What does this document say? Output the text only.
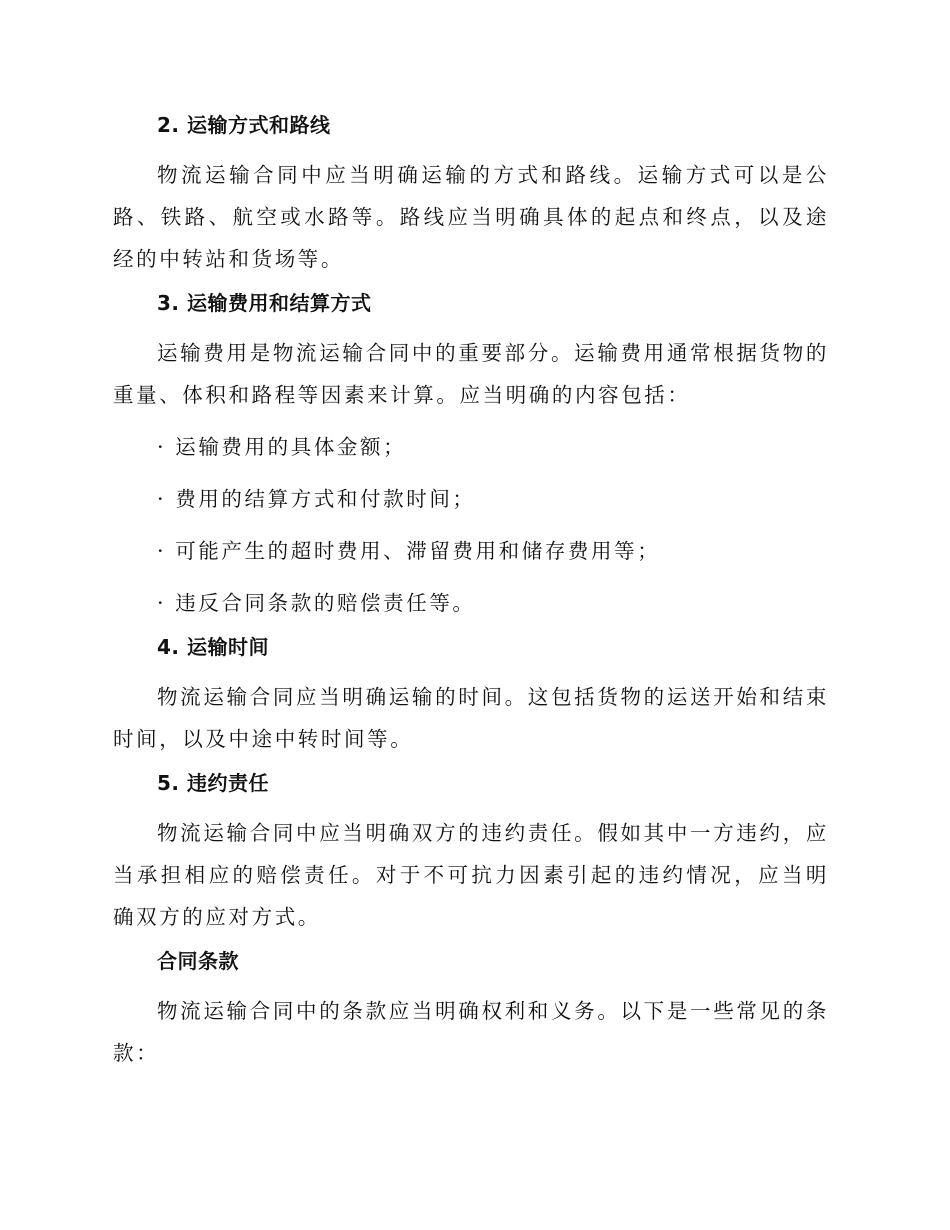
2. 运输方式和路线

物流运输合同中应当明确运输的方式和路线。运输方式可以是公路、铁路、航空或水路等。路线应当明确具体的起点和终点，以及途经的中转站和货场等。

3. 运输费用和结算方式

运输费用是物流运输合同中的重要部分。运输费用通常根据货物的重量、体积和路程等因素来计算。应当明确的内容包括：

· 运输费用的具体金额；

· 费用的结算方式和付款时间；

· 可能产生的超时费用、滞留费用和储存费用等；

· 违反合同条款的赔偿责任等。

4. 运输时间

物流运输合同应当明确运输的时间。这包括货物的运送开始和结束时间，以及中途中转时间等。

5. 违约责任

物流运输合同中应当明确双方的违约责任。假如其中一方违约，应当承担相应的赔偿责任。对于不可抗力因素引起的违约情况，应当明确双方的应对方式。

合同条款

物流运输合同中的条款应当明确权利和义务。以下是一些常见的条款：
